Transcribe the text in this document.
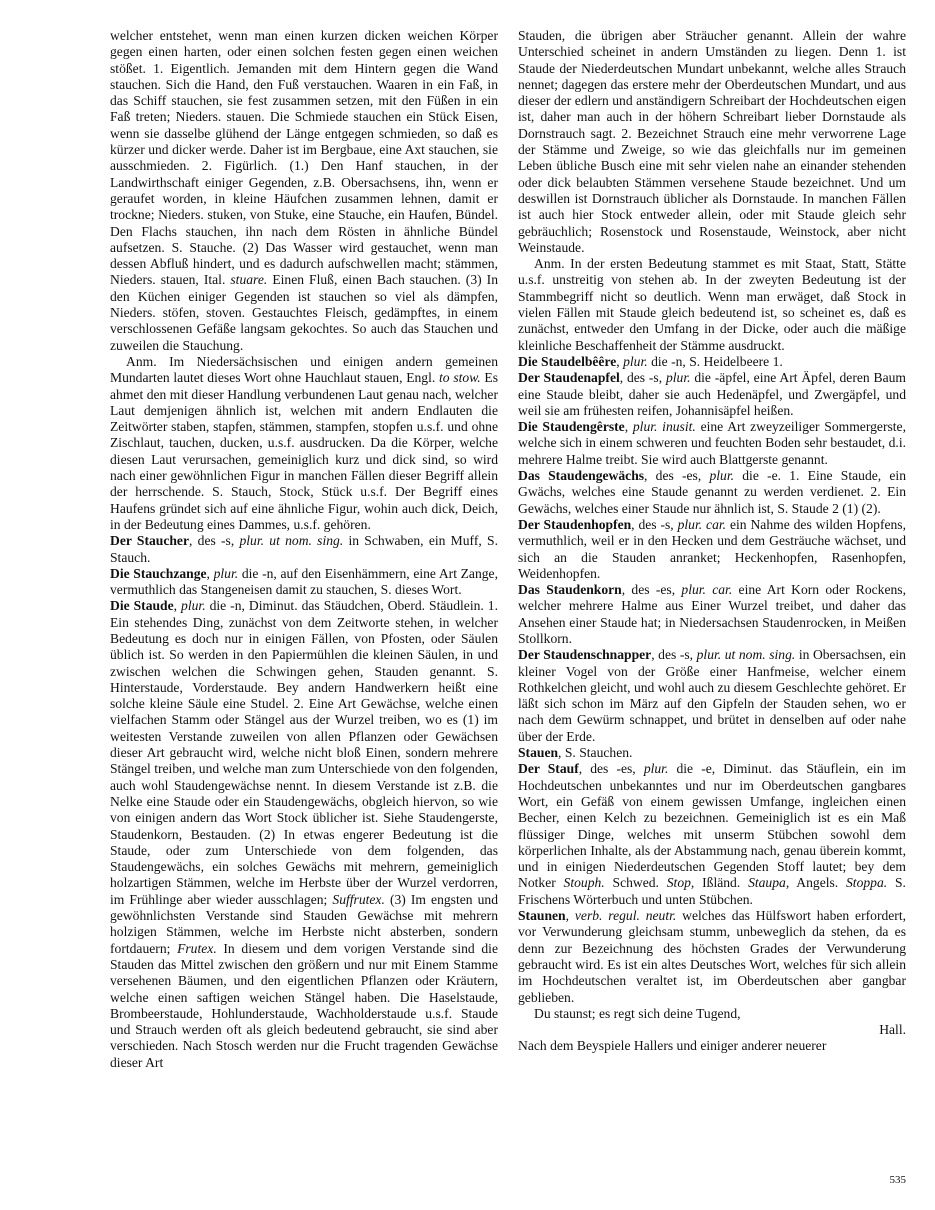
welcher entstehet, wenn man einen kurzen dicken weichen Körper gegen einen harten, oder einen solchen festen gegen einen weichen stößet. 1. Eigentlich. Jemanden mit dem Hintern gegen die Wand stauchen. Sich die Hand, den Fuß verstauchen. Waaren in ein Faß, in das Schiff stauchen, sie fest zusammen setzen, mit den Füßen in ein Faß treten; Nieders. stauen. Die Schmiede stauchen ein Stück Eisen, wenn sie dasselbe glühend der Länge entgegen schmieden, so daß es kürzer und dicker werde. Daher ist im Bergbaue, eine Axt stauchen, sie ausschmieden. 2. Figürlich. (1.) Den Hanf stauchen, in der Landwirthschaft einiger Gegenden, z.B. Obersachsens, ihn, wenn er geraufet worden, in kleine Häufchen zusammen lehnen, damit er trockne; Nieders. stuken, von Stuke, eine Stauche, ein Haufen, Bündel. Den Flachs stauchen, ihn nach dem Rösten in ähnliche Bündel aufsetzen. S. Stauche. (2) Das Wasser wird gestauchet, wenn man dessen Abfluß hindert, und es dadurch aufschwellen macht; stämmen, Nieders. stauen, Ital. stuare. Einen Fluß, einen Bach stauchen. (3) In den Küchen einiger Gegenden ist stauchen so viel als dämpfen, Nieders. stöfen, stoven. Gestauchtes Fleisch, gedämpftes, in einem verschlossenen Gefäße langsam gekochtes. So auch das Stauchen und zuweilen die Stauchung.

Anm. Im Niedersächsischen und einigen andern gemeinen Mundarten lautet dieses Wort ohne Hauchlaut stauen, Engl. to stow. Es ahmet den mit dieser Handlung verbundenen Laut genau nach, welcher Laut demjenigen ähnlich ist, welchen mit andern Endlauten die Zeitwörter staben, stapfen, stämmen, stampfen, stopfen u.s.f. und ohne Zischlaut, tauchen, ducken, u.s.f. ausdrucken. Da die Körper, welche diesen Laut verursachen, gemeiniglich kurz und dick sind, so wird nach einer gewöhnlichen Figur in manchen Fällen dieser Begriff allein der herrschende. S. Stauch, Stock, Stück u.s.f. Der Begriff eines Haufens gründet sich auf eine ähnliche Figur, wohin auch dick, Deich, in der Bedeutung eines Dammes, u.s.f. gehören.

Der Staucher, des -s, plur. ut nom. sing. in Schwaben, ein Muff, S. Stauch.

Die Stauchzange, plur. die -n, auf den Eisenhämmern, eine Art Zange, vermuthlich das Stangeneisen damit zu stauchen, S. dieses Wort.

Die Staude, plur. die -n, Diminut. das Stäudchen, Oberd. Stäudlein. 1. Ein stehendes Ding, zunächst von dem Zeitworte stehen, in welcher Bedeutung es doch nur in einigen Fällen, von Pfosten, oder Säulen üblich ist. So werden in den Papiermühlen die kleinen Säulen, in und zwischen welchen die Schwingen gehen, Stauden genannt. S. Hinterstaude, Vorderstaude. Bey andern Handwerkern heißt eine solche kleine Säule eine Studel. 2. Eine Art Gewächse, welche einen vielfachen Stamm oder Stängel aus der Wurzel treiben, wo es (1) im weitesten Verstande zuweilen von allen Pflanzen oder Gewächsen dieser Art gebraucht wird, welche nicht bloß Einen, sondern mehrere Stängel treiben, und welche man zum Unterschiede von den folgenden, auch wohl Staudengewächse nennt. In diesem Verstande ist z.B. die Nelke eine Staude oder ein Staudengewächs, obgleich hiervon, so wie von einigen andern das Wort Stock üblicher ist. Siehe Staudengerste, Staudenkorn, Bestauden. (2) In etwas engerer Bedeutung ist die Staude, oder zum Unterschiede von dem folgenden, das Staudengewächs, ein solches Gewächs mit mehrern, gemeiniglich holzartigen Stämmen, welche im Herbste über der Wurzel verdorren, im Frühlinge aber wieder ausschlagen; Suffrutex. (3) Im engsten und gewöhnlichsten Verstande sind Stauden Gewächse mit mehrern holzigen Stämmen, welche im Herbste nicht absterben, sondern fortdauern; Frutex. In diesem und dem vorigen Verstande sind die Stauden das Mittel zwischen den größern und nur mit Einem Stamme versehenen Bäumen, und den eigentlichen Pflanzen oder Kräutern, welche einen saftigen weichen Stängel haben. Die Haselstaude, Brombeerstaude, Hohlunderstaude, Wachholderstaude u.s.f. Staude und Strauch werden oft als gleich bedeutend gebraucht, sie sind aber verschieden. Nach Stosch werden nur die Frucht tragenden Gewächse dieser Art

Stauden, die übrigen aber Sträucher genannt. Allein der wahre Unterschied scheinet in andern Umständen zu liegen. Denn 1. ist Staude der Niederdeutschen Mundart unbekannt, welche alles Strauch nennet; dagegen das erstere mehr der Oberdeutschen Mundart, und aus dieser der edlern und anständigern Schreibart der Hochdeutschen eigen ist, daher man auch in der höhern Schreibart lieber Dornstaude als Dornstrauch sagt. 2. Bezeichnet Strauch eine mehr verworrene Lage der Stämme und Zweige, so wie das gleichfalls nur im gemeinen Leben übliche Busch eine mit sehr vielen nahe an einander stehenden oder dick belaubten Stämmen versehene Staude bezeichnet. Und um deswillen ist Dornstrauch üblicher als Dornstaude. In manchen Fällen ist auch hier Stock entweder allein, oder mit Staude gleich sehr gebräuchlich; Rosenstock und Rosenstaude, Weinstock, aber nicht Weinstaude.

Anm. In der ersten Bedeutung stammet es mit Staat, Statt, Stätte u.s.f. unstreitig von stehen ab. In der zweyten Bedeutung ist der Stammbegriff nicht so deutlich. Wenn man erwäget, daß Stock in vielen Fällen mit Staude gleich bedeutend ist, so scheinet es, daß es zunächst, entweder den Umfang in der Dicke, oder auch die mäßige kleinliche Beschaffenheit der Stämme ausdruckt.

Die Staudelbêêre, plur. die -n, S. Heidelbeere 1.

Der Staudenapfel, des -s, plur. die -äpfel, eine Art Äpfel, deren Baum eine Staude bleibt, daher sie auch Hedenäpfel, und Zwergäpfel, und weil sie am frühesten reifen, Johannisäpfel heißen.

Die Staudengêrste, plur. inusit. eine Art zweyzeiliger Sommergerste, welche sich in einem schweren und feuchten Boden sehr bestaudet, d.i. mehrere Halme treibt. Sie wird auch Blattgerste genannt.

Das Staudengewächs, des -es, plur. die -e. 1. Eine Staude, ein Gwächs, welches eine Staude genannt zu werden verdienet. 2. Ein Gewächs, welches einer Staude nur ähnlich ist, S. Staude 2 (1) (2).

Der Staudenhopfen, des -s, plur. car. ein Nahme des wilden Hopfens, vermuthlich, weil er in den Hecken und dem Gesträuche wächset, und sich an die Stauden anranket; Heckenhopfen, Rasenhopfen, Weidenhopfen.

Das Staudenkorn, des -es, plur. car. eine Art Korn oder Rockens, welcher mehrere Halme aus Einer Wurzel treibet, und daher das Ansehen einer Staude hat; in Niedersachsen Staudenrocken, in Meißen Stollkorn.

Der Staudenschnapper, des -s, plur. ut nom. sing. in Obersachsen, ein kleiner Vogel von der Größe einer Hanfmeise, welcher einem Rothkelchen gleicht, und wohl auch zu diesem Geschlechte gehöret. Er läßt sich schon im März auf den Gipfeln der Stauden sehen, wo er nach dem Gewürm schnappet, und brütet in denselben auf oder nahe über der Erde.

Stauen, S. Stauchen.

Der Stauf, des -es, plur. die -e, Diminut. das Stäuflein, ein im Hochdeutschen unbekanntes und nur im Oberdeutschen gangbares Wort, ein Gefäß von einem gewissen Umfange, ingleichen einen Becher, einen Kelch zu bezeichnen. Gemeiniglich ist es ein Maß flüssiger Dinge, welches mit unserm Stübchen sowohl dem körperlichen Inhalte, als der Abstammung nach, genau überein kommt, und in einigen Niederdeutschen Gegenden Stoff lautet; bey dem Notker Stouph. Schwed. Stop, Ißländ. Staupa, Angels. Stoppa. S. Frischens Wörterbuch und unten Stübchen.

Staunen, verb. regul. neutr. welches das Hülfswort haben erfordert, vor Verwunderung gleichsam stumm, unbeweglich da stehen, da es denn zur Bezeichnung des höchsten Grades der Verwunderung gebraucht wird. Es ist ein altes Deutsches Wort, welches für sich allein im Hochdeutschen veraltet ist, im Oberdeutschen aber gangbar geblieben.

Du staunst; es regt sich deine Tugend,

Hall.

Nach dem Beyspiele Hallers und einiger anderer neuerer

535
